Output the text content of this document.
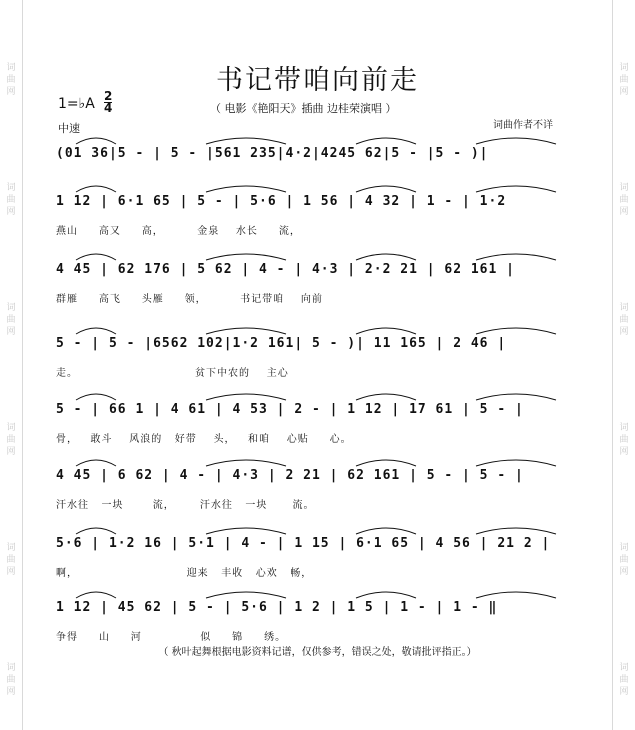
词
曲
网
词
曲
网
词
曲
网
词
曲
网
词
曲
网
词
曲
网
词
曲
网
词
曲
网
词
曲
网
词
曲
网
词
曲
网
词
曲
网
书记带咱向前走
1=♭A $\frac{2}{4}$	（ 电影《艳阳天》插曲 边桂荣演唱 ）
中速	词曲作者不详
(01 36|5 - | 5 - |561 235|4·2|4245 62|5 - |5 - )|
1 12 | 6·1 65 | 5 - | 5·6 | 1 56 | 4 32 | 1 - | 1·2
燕山     高又     高，        金泉    水长     流，
4 45 | 62 176 | 5 62 | 4 - | 4·3 | 2·2 21 | 62 161 |
群雁     高飞     头雁     领，        书记带咱    向前
5 - | 5 - |6562 102|1·2 161| 5 - )| 11 165 | 2 46 |
走。                            贫下中农的    主心
5 - | 66 1 | 4 61 | 4 53 | 2 - | 1 12 | 17 61 | 5 - |
骨，   敢斗    风浪的   好带    头，   和咱    心贴     心。
4 45 | 6 62 | 4 - | 4·3 | 2 21 | 62 161 | 5 - | 5 - |
汗水往   一块       流，      汗水往   一块      流。
5·6 | 1·2 16 | 5·1 | 4 - | 1 15 | 6·1 65 | 4 56 | 21 2 |
啊，                          迎来   丰收   心欢   畅，
1 12 | 45 62 | 5 - | 5·6 | 1 2 | 1 5 | 1 - | 1 - ‖
争得     山     河              似     锦     绣。
（ 秋叶起舞根据电影资料记谱，仅供参考，错误之处，敬请批评指正。）
